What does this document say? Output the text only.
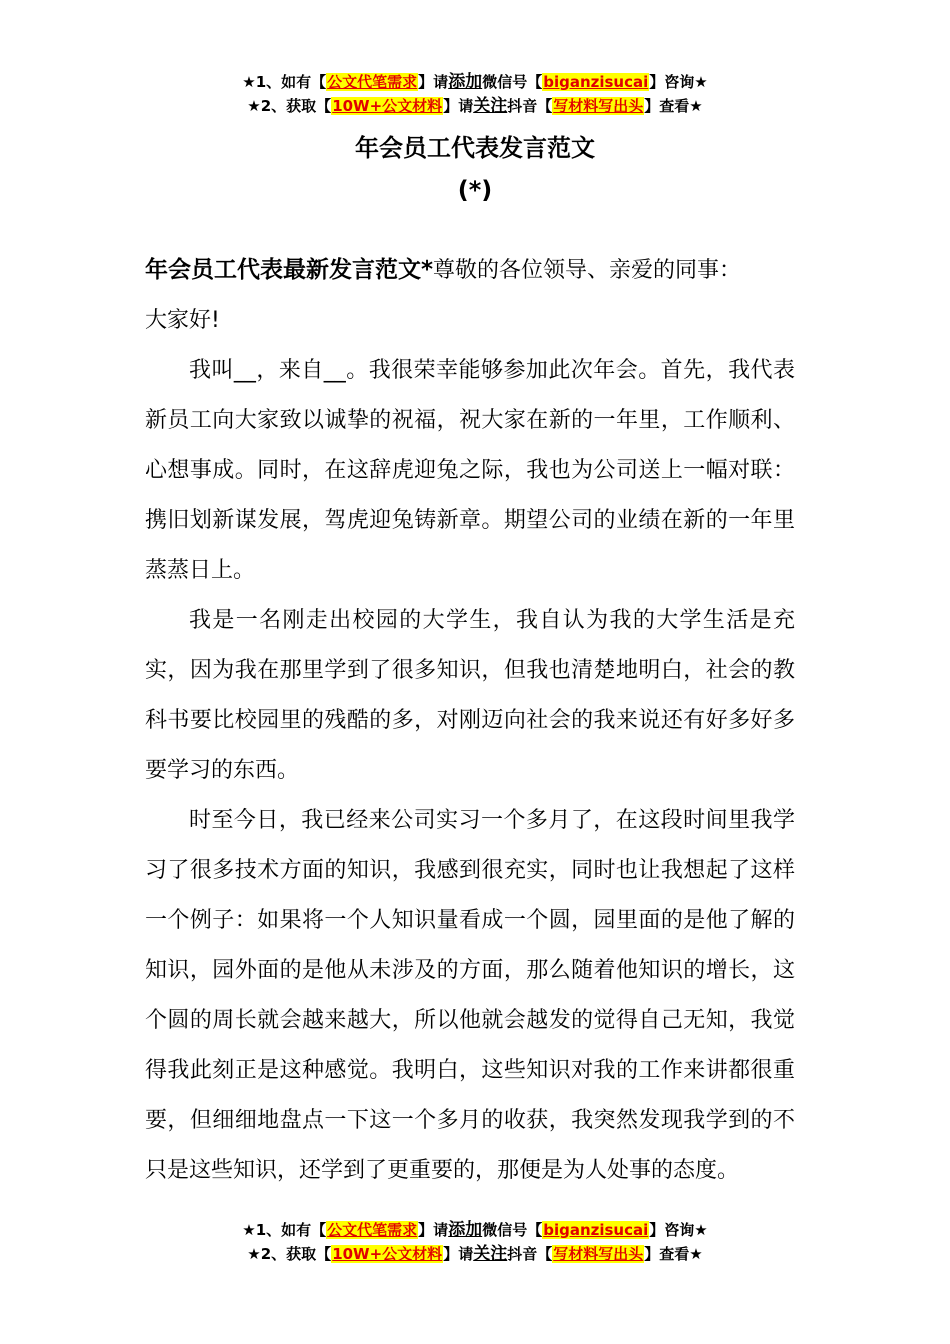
★1、如有【公文代笔需求】请添加微信号【biganzisucai】咨询★
★2、获取【10W+公文材料】请关注抖音【写材料写出头】查看★
年会员工代表发言范文
(*)

年会员工代表最新发言范文*尊敬的各位领导、亲爱的同事：

大家好!

我叫__，来自__。我很荣幸能够参加此次年会。首先，我代表新员工向大家致以诚挚的祝福，祝大家在新的一年里，工作顺利、心想事成。同时，在这辞虎迎兔之际，我也为公司送上一幅对联：携旧划新谋发展，驾虎迎兔铸新章。期望公司的业绩在新的一年里蒸蒸日上。

我是一名刚走出校园的大学生，我自认为我的大学生活是充实，因为我在那里学到了很多知识，但我也清楚地明白，社会的教科书要比校园里的残酷的多，对刚迈向社会的我来说还有好多好多要学习的东西。

时至今日，我已经来公司实习一个多月了，在这段时间里我学习了很多技术方面的知识，我感到很充实，同时也让我想起了这样一个例子：如果将一个人知识量看成一个圆，园里面的是他了解的知识，园外面的是他从未涉及的方面，那么随着他知识的增长，这个圆的周长就会越来越大，所以他就会越发的觉得自己无知，我觉得我此刻正是这种感觉。我明白，这些知识对我的工作来讲都很重要，但细细地盘点一下这一个多月的收获，我突然发现我学到的不只是这些知识，还学到了更重要的，那便是为人处事的态度。

★1、如有【公文代笔需求】请添加微信号【biganzisucai】咨询★
★2、获取【10W+公文材料】请关注抖音【写材料写出头】查看★
